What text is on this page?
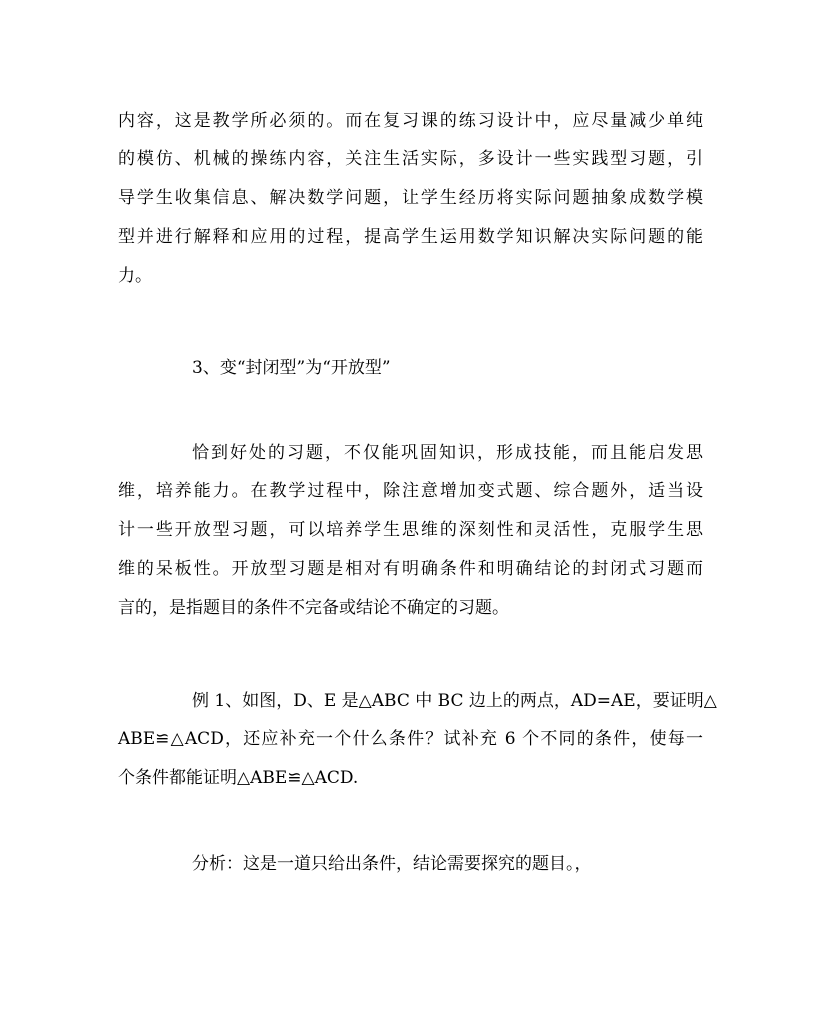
内容，这是教学所必须的。而在复习课的练习设计中，应尽量减少单纯
的模仿、机械的操练内容，关注生活实际，多设计一些实践型习题，引
导学生收集信息、解决数学问题，让学生经历将实际问题抽象成数学模
型并进行解释和应用的过程，提高学生运用数学知识解决实际问题的能
力。
3、变“封闭型”为“开放型”
恰到好处的习题，不仅能巩固知识，形成技能，而且能启发思
维，培养能力。在教学过程中，除注意增加变式题、综合题外，适当设
计一些开放型习题，可以培养学生思维的深刻性和灵活性，克服学生思
维的呆板性。开放型习题是相对有明确条件和明确结论的封闭式习题而
言的，是指题目的条件不完备或结论不确定的习题。
例 1、如图，D、E 是△ABC 中 BC 边上的两点，AD=AE，要证明△
ABE≌△ACD，还应补充一个什么条件？试补充 6 个不同的条件，使每一
个条件都能证明△ABE≌△ACD.
分析：这是一道只给出条件，结论需要探究的题目。，
